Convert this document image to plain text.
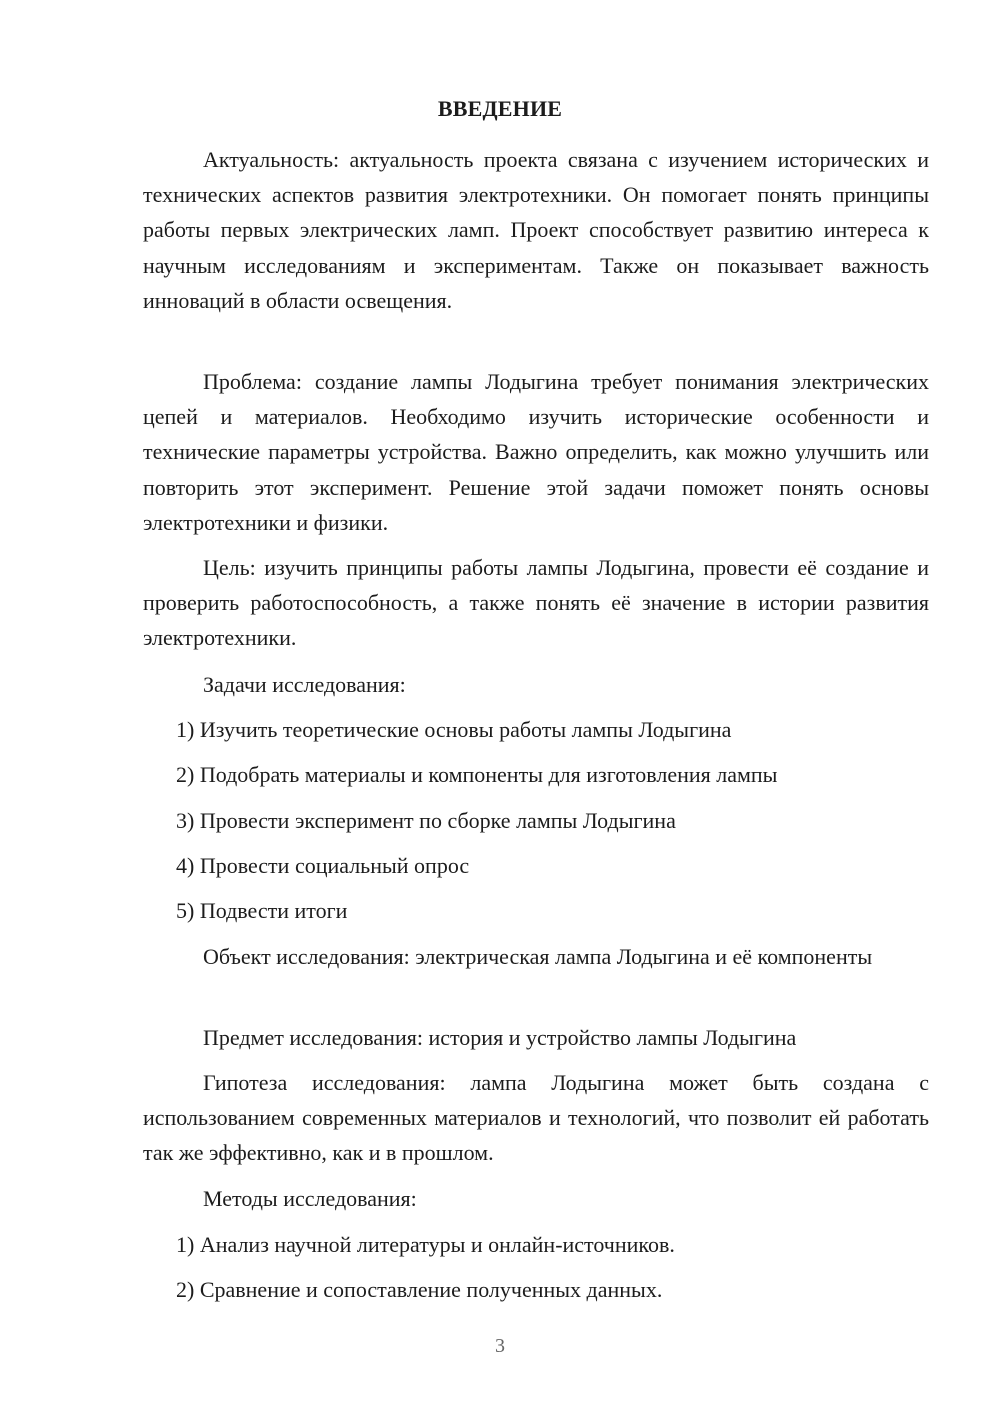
ВВЕДЕНИЕ

Актуальность: актуальность проекта связана с изучением исторических и технических аспектов развития электротехники. Он помогает понять принципы работы первых электрических ламп. Проект способствует развитию интереса к научным исследованиям и экспериментам. Также он показывает важность инноваций в области освещения.

Проблема: создание лампы Лодыгина требует понимания электрических цепей и материалов. Необходимо изучить исторические особенности и технические параметры устройства. Важно определить, как можно улучшить или повторить этот эксперимент. Решение этой задачи поможет понять основы электротехники и физики.

Цель: изучить принципы работы лампы Лодыгина, провести её создание и проверить работоспособность, а также понять её значение в истории развития электротехники.

Задачи исследования:

1) Изучить теоретические основы работы лампы Лодыгина

2) Подобрать материалы и компоненты для изготовления лампы

3) Провести эксперимент по сборке лампы Лодыгина

4) Провести социальный опрос

5) Подвести итоги

Объект исследования: электрическая лампа Лодыгина и её компоненты

Предмет исследования: история и устройство лампы Лодыгина

Гипотеза исследования: лампа Лодыгина может быть создана с использованием современных материалов и технологий, что позволит ей работать так же эффективно, как и в прошлом.

Методы исследования:

1) Анализ научной литературы и онлайн-источников.

2) Сравнение и сопоставление полученных данных.

3
